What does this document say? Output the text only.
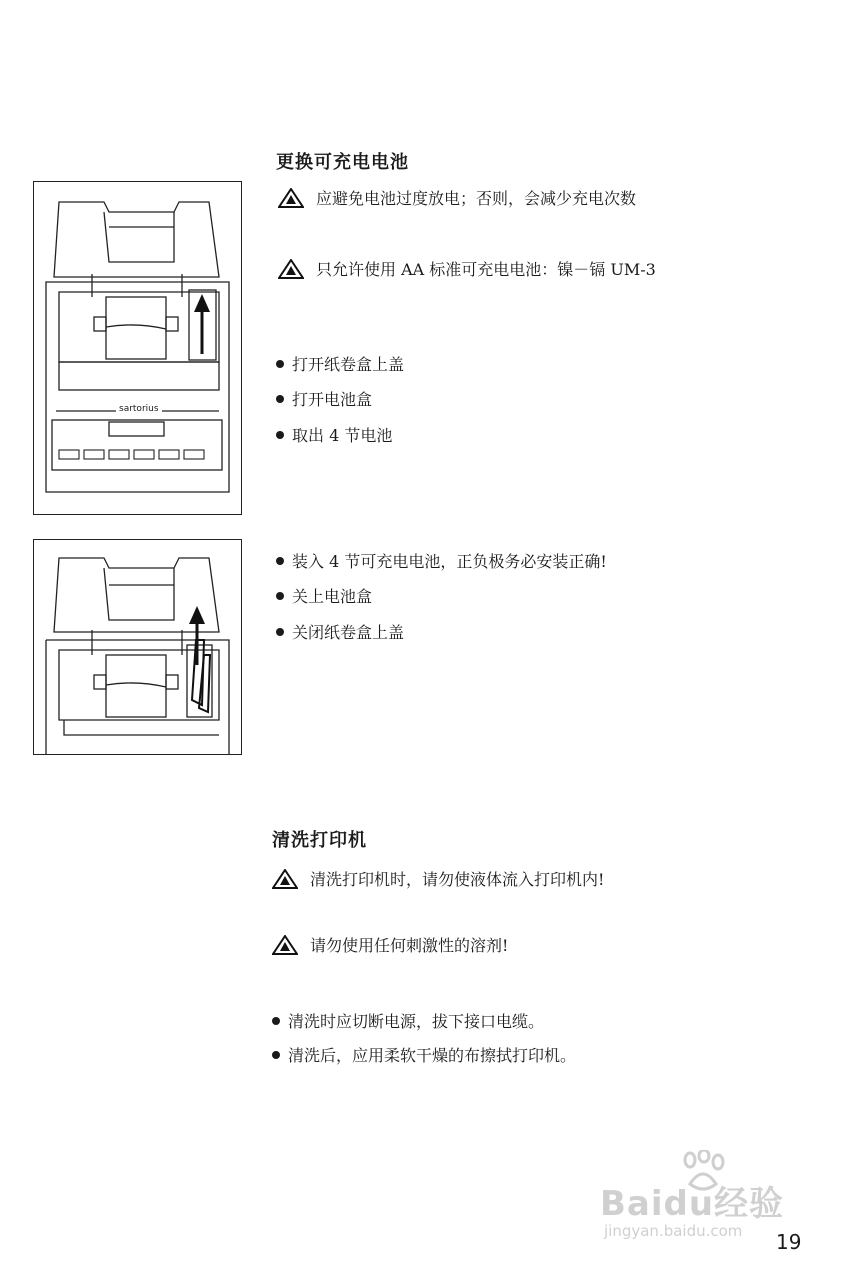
sartorius
更换可充电电池
应避免电池过度放电；否则，会减少充电次数
只允许使用 AA 标准可充电电池：镍－镉 UM-3
打开纸卷盒上盖
打开电池盒
取出 4 节电池
装入 4 节可充电电池，正负极务必安装正确!
关上电池盒
关闭纸卷盒上盖
清洗打印机
清洗打印机时，请勿使液体流入打印机内!
请勿使用任何刺激性的溶剂!
清洗时应切断电源，拔下接口电缆。
清洗后，应用柔软干燥的布擦拭打印机。
Baidu经验
jingyan.baidu.com 19
